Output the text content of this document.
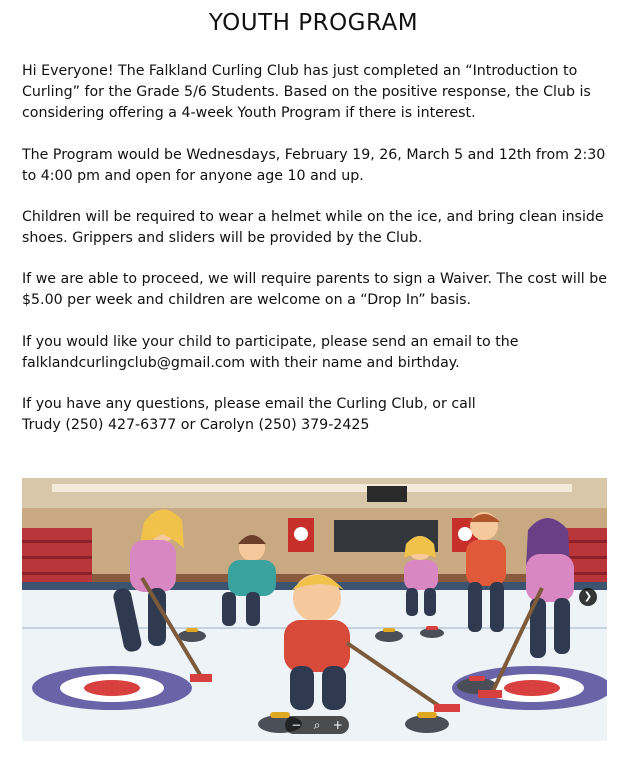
YOUTH PROGRAM

Hi Everyone! The Falkland Curling Club has just completed an “Introduction to
Curling” for the Grade 5/6 Students. Based on the positive response, the Club is
considering offering a 4-week Youth Program if there is interest.

The Program would be Wednesdays, February 19, 26, March 5 and 12th from 2:30
to 4:00 pm and open for anyone age 10 and up.

Children will be required to wear a helmet while on the ice, and bring clean inside
shoes. Grippers and sliders will be provided by the Club.

If we are able to proceed, we will require parents to sign a Waiver. The cost will be
$5.00 per week and children are welcome on a “Drop In” basis.

If you would like your child to participate, please send an email to the
falklandcurlingclub@gmail.com with their name and birthday.

If you have any questions, please email the Curling Club, or call
Trudy (250) 427-6377 or Carolyn (250) 379-2425

− ⌕ +
❯
